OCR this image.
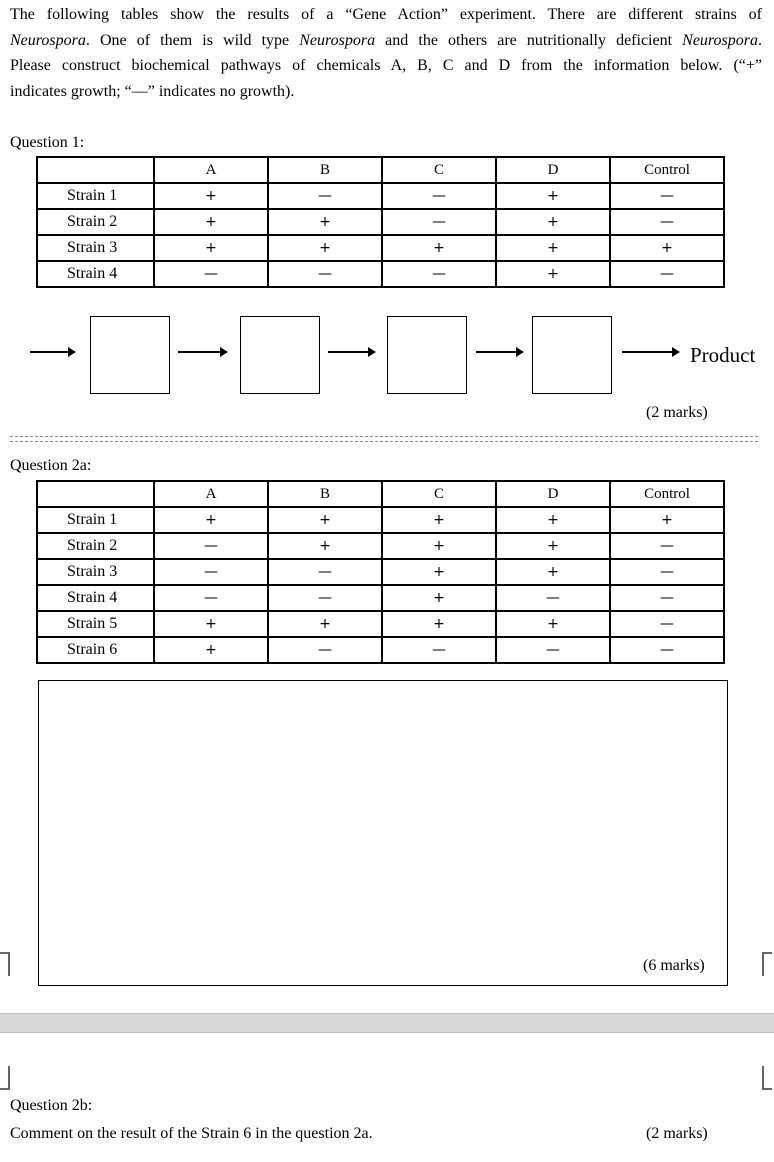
The following tables show the results of a “Gene Action” experiment. There are different strains of
Neurospora. One of them is wild type Neurospora and the others are nutritionally deficient Neurospora.
Please construct biochemical pathways of chemicals A, B, C and D from the information below. (“+”
indicates growth; “—” indicates no growth).
Question 1:
	A	B	C	D	Control
Strain 1	+	—	—	+	—
Strain 2	+	+	—	+	—
Strain 3	+	+	+	+	+
Strain 4	—	—	—	+	—
Product
(2 marks)
Question 2a:
	A	B	C	D	Control
Strain 1	+	+	+	+	+
Strain 2	—	+	+	+	—
Strain 3	—	—	+	+	—
Strain 4	—	—	+	—	—
Strain 5	+	+	+	+	—
Strain 6	+	—	—	—	—
(6 marks)
Question 2b:
Comment on the result of the Strain 6 in the question 2a.	(2 marks)
